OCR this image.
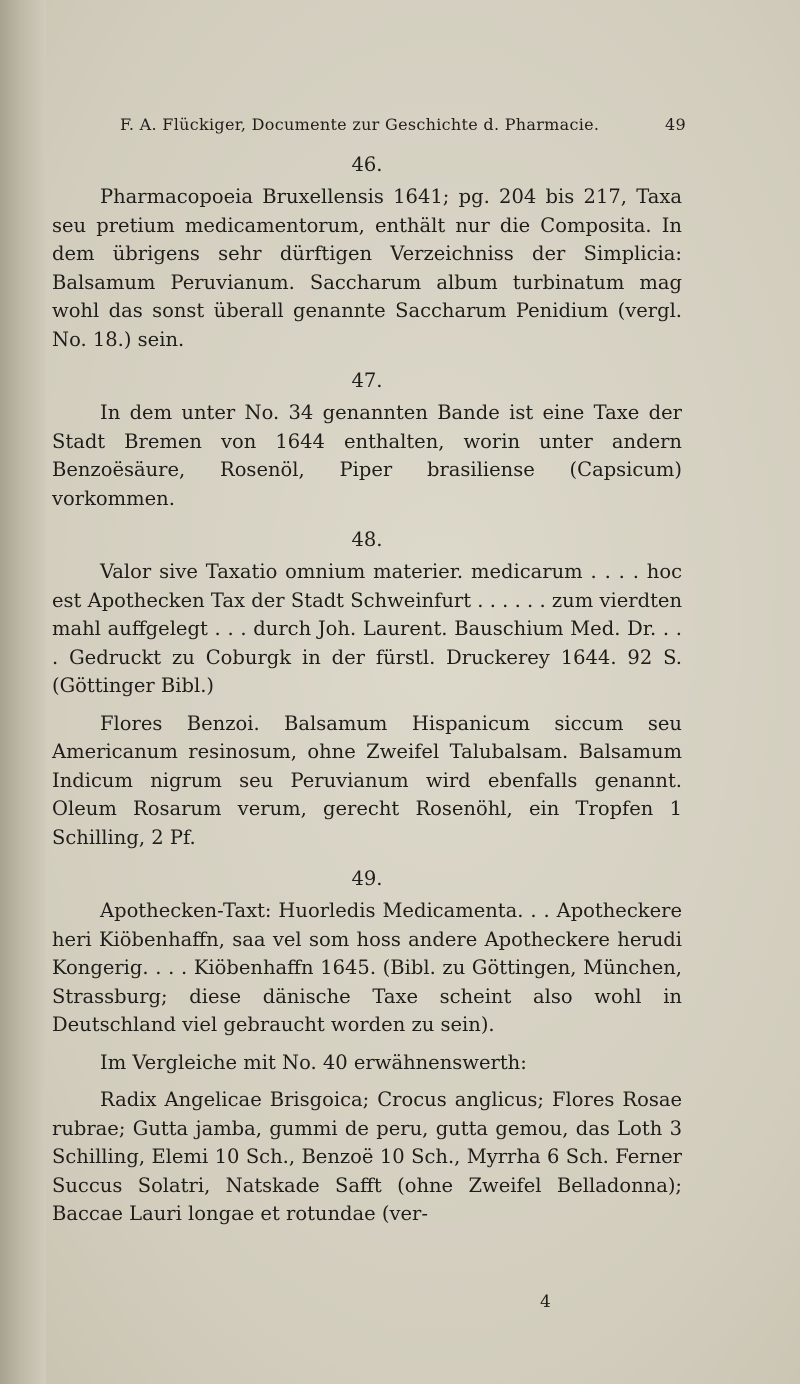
F. A. Flückiger, Documente zur Geschichte d. Pharmacie.	49
46.

Pharmacopoeia Bruxellensis 1641; pg. 204 bis 217, Taxa seu pretium medicamentorum, enthält nur die Composita. In dem übrigens sehr dürftigen Verzeichniss der Simplicia: Balsamum Peruvianum. Saccharum album turbinatum mag wohl das sonst überall genannte Saccharum Penidium (vergl. No. 18.) sein.

47.

In dem unter No. 34 genannten Bande ist eine Taxe der Stadt Bremen von 1644 enthalten, worin unter andern Benzoësäure, Rosenöl, Piper brasiliense (Capsicum) vorkommen.

48.

Valor sive Taxatio omnium materier. medicarum . . . . hoc est Apothecken Tax der Stadt Schweinfurt . . . . . . zum vierdten mahl auffgelegt . . . durch Joh. Laurent. Bauschium Med. Dr. . . . Gedruckt zu Coburgk in der fürstl. Druckerey 1644. 92 S. (Göttinger Bibl.)

Flores Benzoi. Balsamum Hispanicum siccum seu Americanum resinosum, ohne Zweifel Talubalsam. Balsamum Indicum nigrum seu Peruvianum wird ebenfalls genannt. Oleum Rosarum verum, gerecht Rosenöhl, ein Tropfen 1 Schilling, 2 Pf.

49.

Apothecken-Taxt: Huorledis Medicamenta. . . Apotheckere heri Kiöbenhaffn, saa vel som hoss andere Apotheckere herudi Kongerig. . . . Kiöbenhaffn 1645. (Bibl. zu Göttingen, München, Strassburg; diese dänische Taxe scheint also wohl in Deutschland viel gebraucht worden zu sein).

Im Vergleiche mit No. 40 erwähnenswerth:

Radix Angelicae Brisgoica; Crocus anglicus; Flores Rosae rubrae; Gutta jamba, gummi de peru, gutta gemou, das Loth 3 Schilling, Elemi 10 Sch., Benzoë 10 Sch., Myrrha 6 Sch. Ferner Succus Solatri, Natskade Safft (ohne Zweifel Belladonna); Baccae Lauri longae et rotundae (ver-

4
